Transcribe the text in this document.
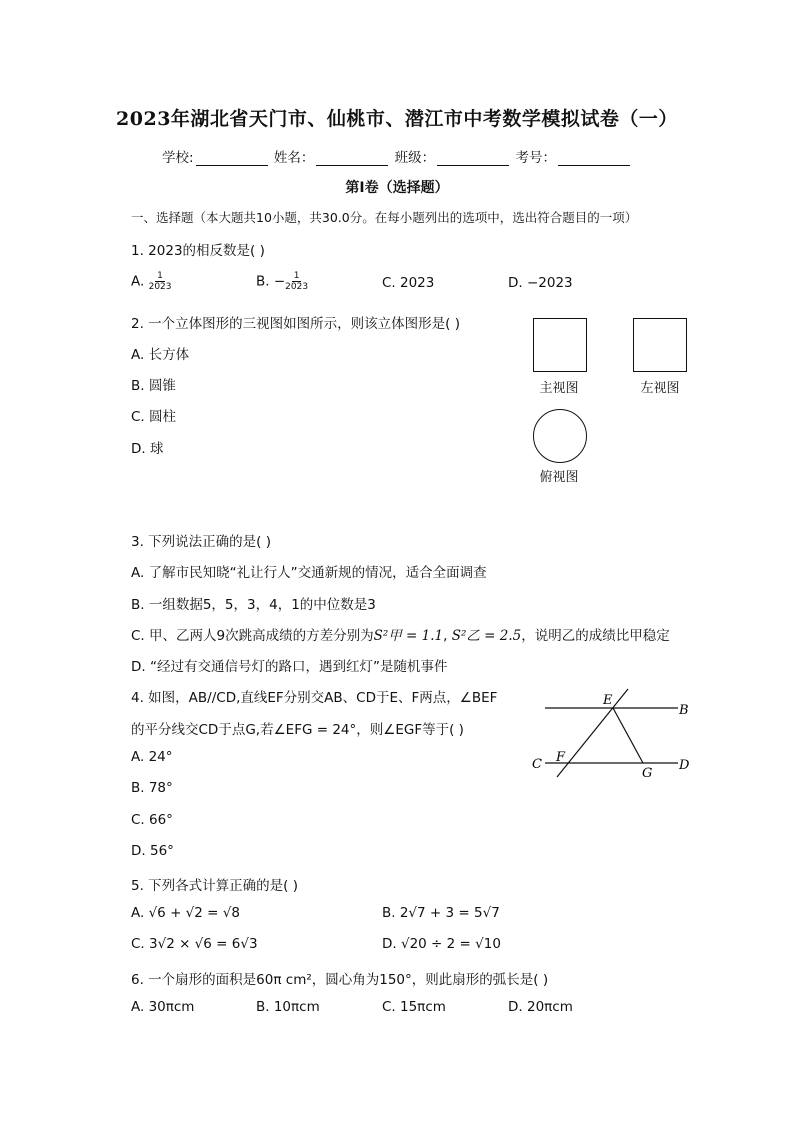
2023年湖北省天门市、仙桃市、潜江市中考数学模拟试卷（一）
学校:	姓名：	班级：	考号：
第Ⅰ卷（选择题）
一、选择题（本大题共10小题，共30.0分。在每小题列出的选项中，选出符合题目的一项）
1. 2023的相反数是( )
A. $\frac{1}{2023}$	B. − $\frac{1}{2023}$	C. 2023	D. −2023
2. 一个立体图形的三视图如图所示，则该立体图形是( )
A. 长方体
B. 圆锥
C. 圆柱
D. 球
主视图	左视图
俯视图
3. 下列说法正确的是( )
A. 了解市民知晓“礼让行人”交通新规的情况，适合全面调查
B. 一组数据5，5，3，4，1的中位数是3
C. 甲、乙两人9次跳高成绩的方差分别为S²甲 = 1.1, S²乙 = 2.5，说明乙的成绩比甲稳定
D. “经过有交通信号灯的路口，遇到红灯”是随机事件
4. 如图，AB//CD,直线EF分别交AB、CD于E、F两点，∠BEF
的平分线交CD于点G,若∠EFG = 24°，则∠EGF等于( )
A. 24°
B. 78°
C. 66°
D. 56°
E
B
C F
G
D
5. 下列各式计算正确的是( )
A. √6 + √2 = √8	B. 2√7 + 3 = 5√7
C. 3√2 × √6 = 6√3	D. √20 ÷ 2 = √10
6. 一个扇形的面积是60π cm²，圆心角为150°，则此扇形的弧长是( )
A. 30πcm	B. 10πcm	C. 15πcm	D. 20πcm
